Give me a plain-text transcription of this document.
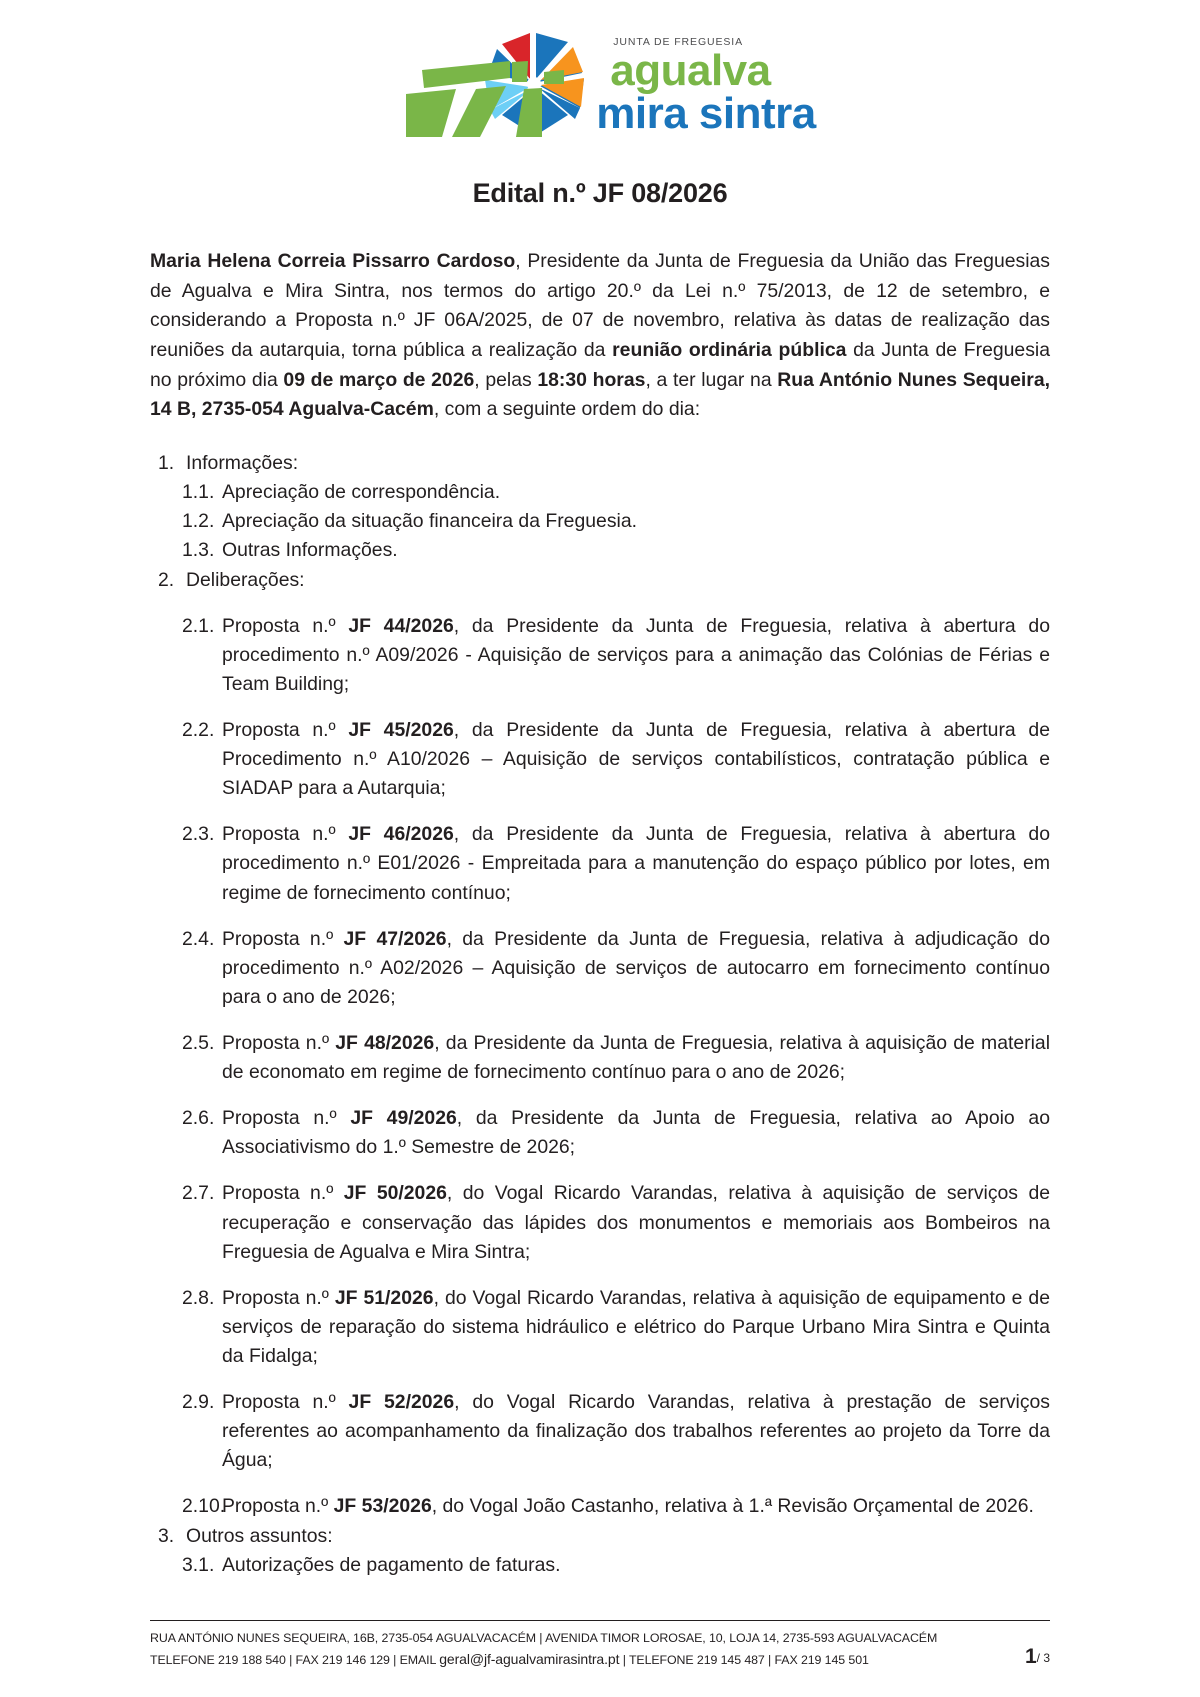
JUNTA DE FREGUESIA
agualva
mira sintra
Edital n.º JF 08/2026

Maria Helena Correia Pissarro Cardoso, Presidente da Junta de Freguesia da União das Freguesias de Agualva e Mira Sintra, nos termos do artigo 20.º da Lei n.º 75/2013, de 12 de setembro, e considerando a Proposta n.º JF 06A/2025, de 07 de novembro, relativa às datas de realização das reuniões da autarquia, torna pública a realização da reunião ordinária pública da Junta de Freguesia no próximo dia 09 de março de 2026, pelas 18:30 horas, a ter lugar na Rua António Nunes Sequeira, 14 B, 2735-054 Agualva-Cacém, com a seguinte ordem do dia:

1. Informações:
1.1. Apreciação de correspondência.
1.2. Apreciação da situação financeira da Freguesia.
1.3. Outras Informações.
2. Deliberações:
2.1. Proposta n.º JF 44/2026, da Presidente da Junta de Freguesia, relativa à abertura do procedimento n.º A09/2026 - Aquisição de serviços para a animação das Colónias de Férias e Team Building;
2.2. Proposta n.º JF 45/2026, da Presidente da Junta de Freguesia, relativa à abertura de Procedimento n.º A10/2026 – Aquisição de serviços contabilísticos, contratação pública e SIADAP para a Autarquia;
2.3. Proposta n.º JF 46/2026, da Presidente da Junta de Freguesia, relativa à abertura do procedimento n.º E01/2026 - Empreitada para a manutenção do espaço público por lotes, em regime de fornecimento contínuo;
2.4. Proposta n.º JF 47/2026, da Presidente da Junta de Freguesia, relativa à adjudicação do procedimento n.º A02/2026 – Aquisição de serviços de autocarro em fornecimento contínuo para o ano de 2026;
2.5. Proposta n.º JF 48/2026, da Presidente da Junta de Freguesia, relativa à aquisição de material de economato em regime de fornecimento contínuo para o ano de 2026;
2.6. Proposta n.º JF 49/2026, da Presidente da Junta de Freguesia, relativa ao Apoio ao Associativismo do 1.º Semestre de 2026;
2.7. Proposta n.º JF 50/2026, do Vogal Ricardo Varandas, relativa à aquisição de serviços de recuperação e conservação das lápides dos monumentos e memoriais aos Bombeiros na Freguesia de Agualva e Mira Sintra;
2.8. Proposta n.º JF 51/2026, do Vogal Ricardo Varandas, relativa à aquisição de equipamento e de serviços de reparação do sistema hidráulico e elétrico do Parque Urbano Mira Sintra e Quinta da Fidalga;
2.9. Proposta n.º JF 52/2026, do Vogal Ricardo Varandas, relativa à prestação de serviços referentes ao acompanhamento da finalização dos trabalhos referentes ao projeto da Torre da Água;
2.10.
Proposta n.º JF 53/2026, do Vogal João Castanho, relativa à 1.ª Revisão Orçamental de 2026.
3. Outros assuntos:
3.1. Autorizações de pagamento de faturas.
RUA ANTÓNIO NUNES SEQUEIRA, 16B, 2735-054 AGUALVACACÉM | AVENIDA TIMOR LOROSAE, 10, LOJA 14, 2735-593 AGUALVACACÉM
TELEFONE 219 188 540 | FAX 219 146 129 | EMAIL geral@jf-agualvamirasintra.pt | TELEFONE 219 145 487 | FAX 219 145 501	1/ 3
